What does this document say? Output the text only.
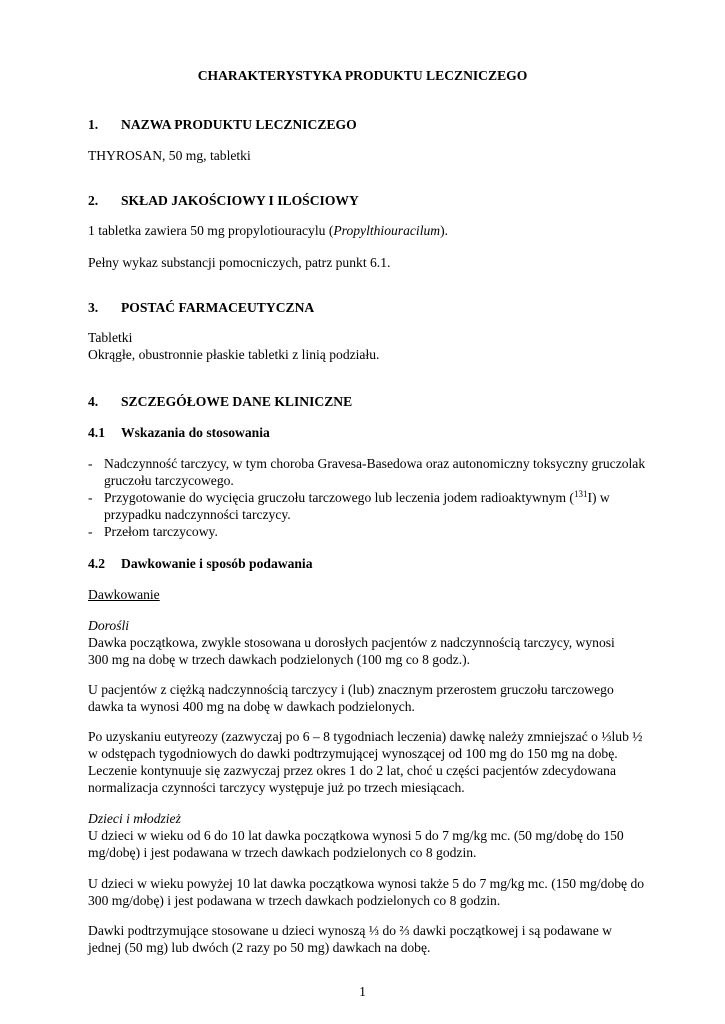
CHARAKTERYSTYKA PRODUKTU LECZNICZEGO
1. NAZWA PRODUKTU LECZNICZEGO
THYROSAN, 50 mg, tabletki
2. SKŁAD JAKOŚCIOWY I ILOŚCIOWY
1 tabletka zawiera 50 mg propylotiouracylu (Propylthiouracilum).
Pełny wykaz substancji pomocniczych, patrz punkt 6.1.
3. POSTAĆ FARMACEUTYCZNA
Tabletki
Okrągłe, obustronnie płaskie tabletki z linią podziału.
4. SZCZEGÓŁOWE DANE KLINICZNE
4.1 Wskazania do stosowania
- Nadczynność tarczycy, w tym choroba Gravesa-Basedowa oraz autonomiczny toksyczny gruczolak
gruczołu tarczycowego.
- Przygotowanie do wycięcia gruczołu tarczowego lub leczenia jodem radioaktywnym ($^{131}$I) w
przypadku nadczynności tarczycy.
- Przełom tarczycowy.
4.2 Dawkowanie i sposób podawania
Dawkowanie
Dorośli
Dawka początkowa, zwykle stosowana u dorosłych pacjentów z nadczynnością tarczycy, wynosi
300 mg na dobę w trzech dawkach podzielonych (100 mg co 8 godz.).
U pacjentów z ciężką nadczynnością tarczycy i (lub) znacznym przerostem gruczołu tarczowego
dawka ta wynosi 400 mg na dobę w dawkach podzielonych.
Po uzyskaniu eutyreozy (zazwyczaj po 6 – 8 tygodniach leczenia) dawkę należy zmniejszać o ⅓lub ½
w odstępach tygodniowych do dawki podtrzymującej wynoszącej od 100 mg do 150 mg na dobę.
Leczenie kontynuuje się zazwyczaj przez okres 1 do 2 lat, choć u części pacjentów zdecydowana
normalizacja czynności tarczycy występuje już po trzech miesiącach.
Dzieci i młodzież
U dzieci w wieku od 6 do 10 lat dawka początkowa wynosi 5 do 7 mg/kg mc. (50 mg/dobę do 150
mg/dobę) i jest podawana w trzech dawkach podzielonych co 8 godzin.
U dzieci w wieku powyżej 10 lat dawka początkowa wynosi także 5 do 7 mg/kg mc. (150 mg/dobę do
300 mg/dobę) i jest podawana w trzech dawkach podzielonych co 8 godzin.
Dawki podtrzymujące stosowane u dzieci wynoszą ⅓ do ⅔ dawki początkowej i są podawane w
jednej (50 mg) lub dwóch (2 razy po 50 mg) dawkach na dobę.
1
